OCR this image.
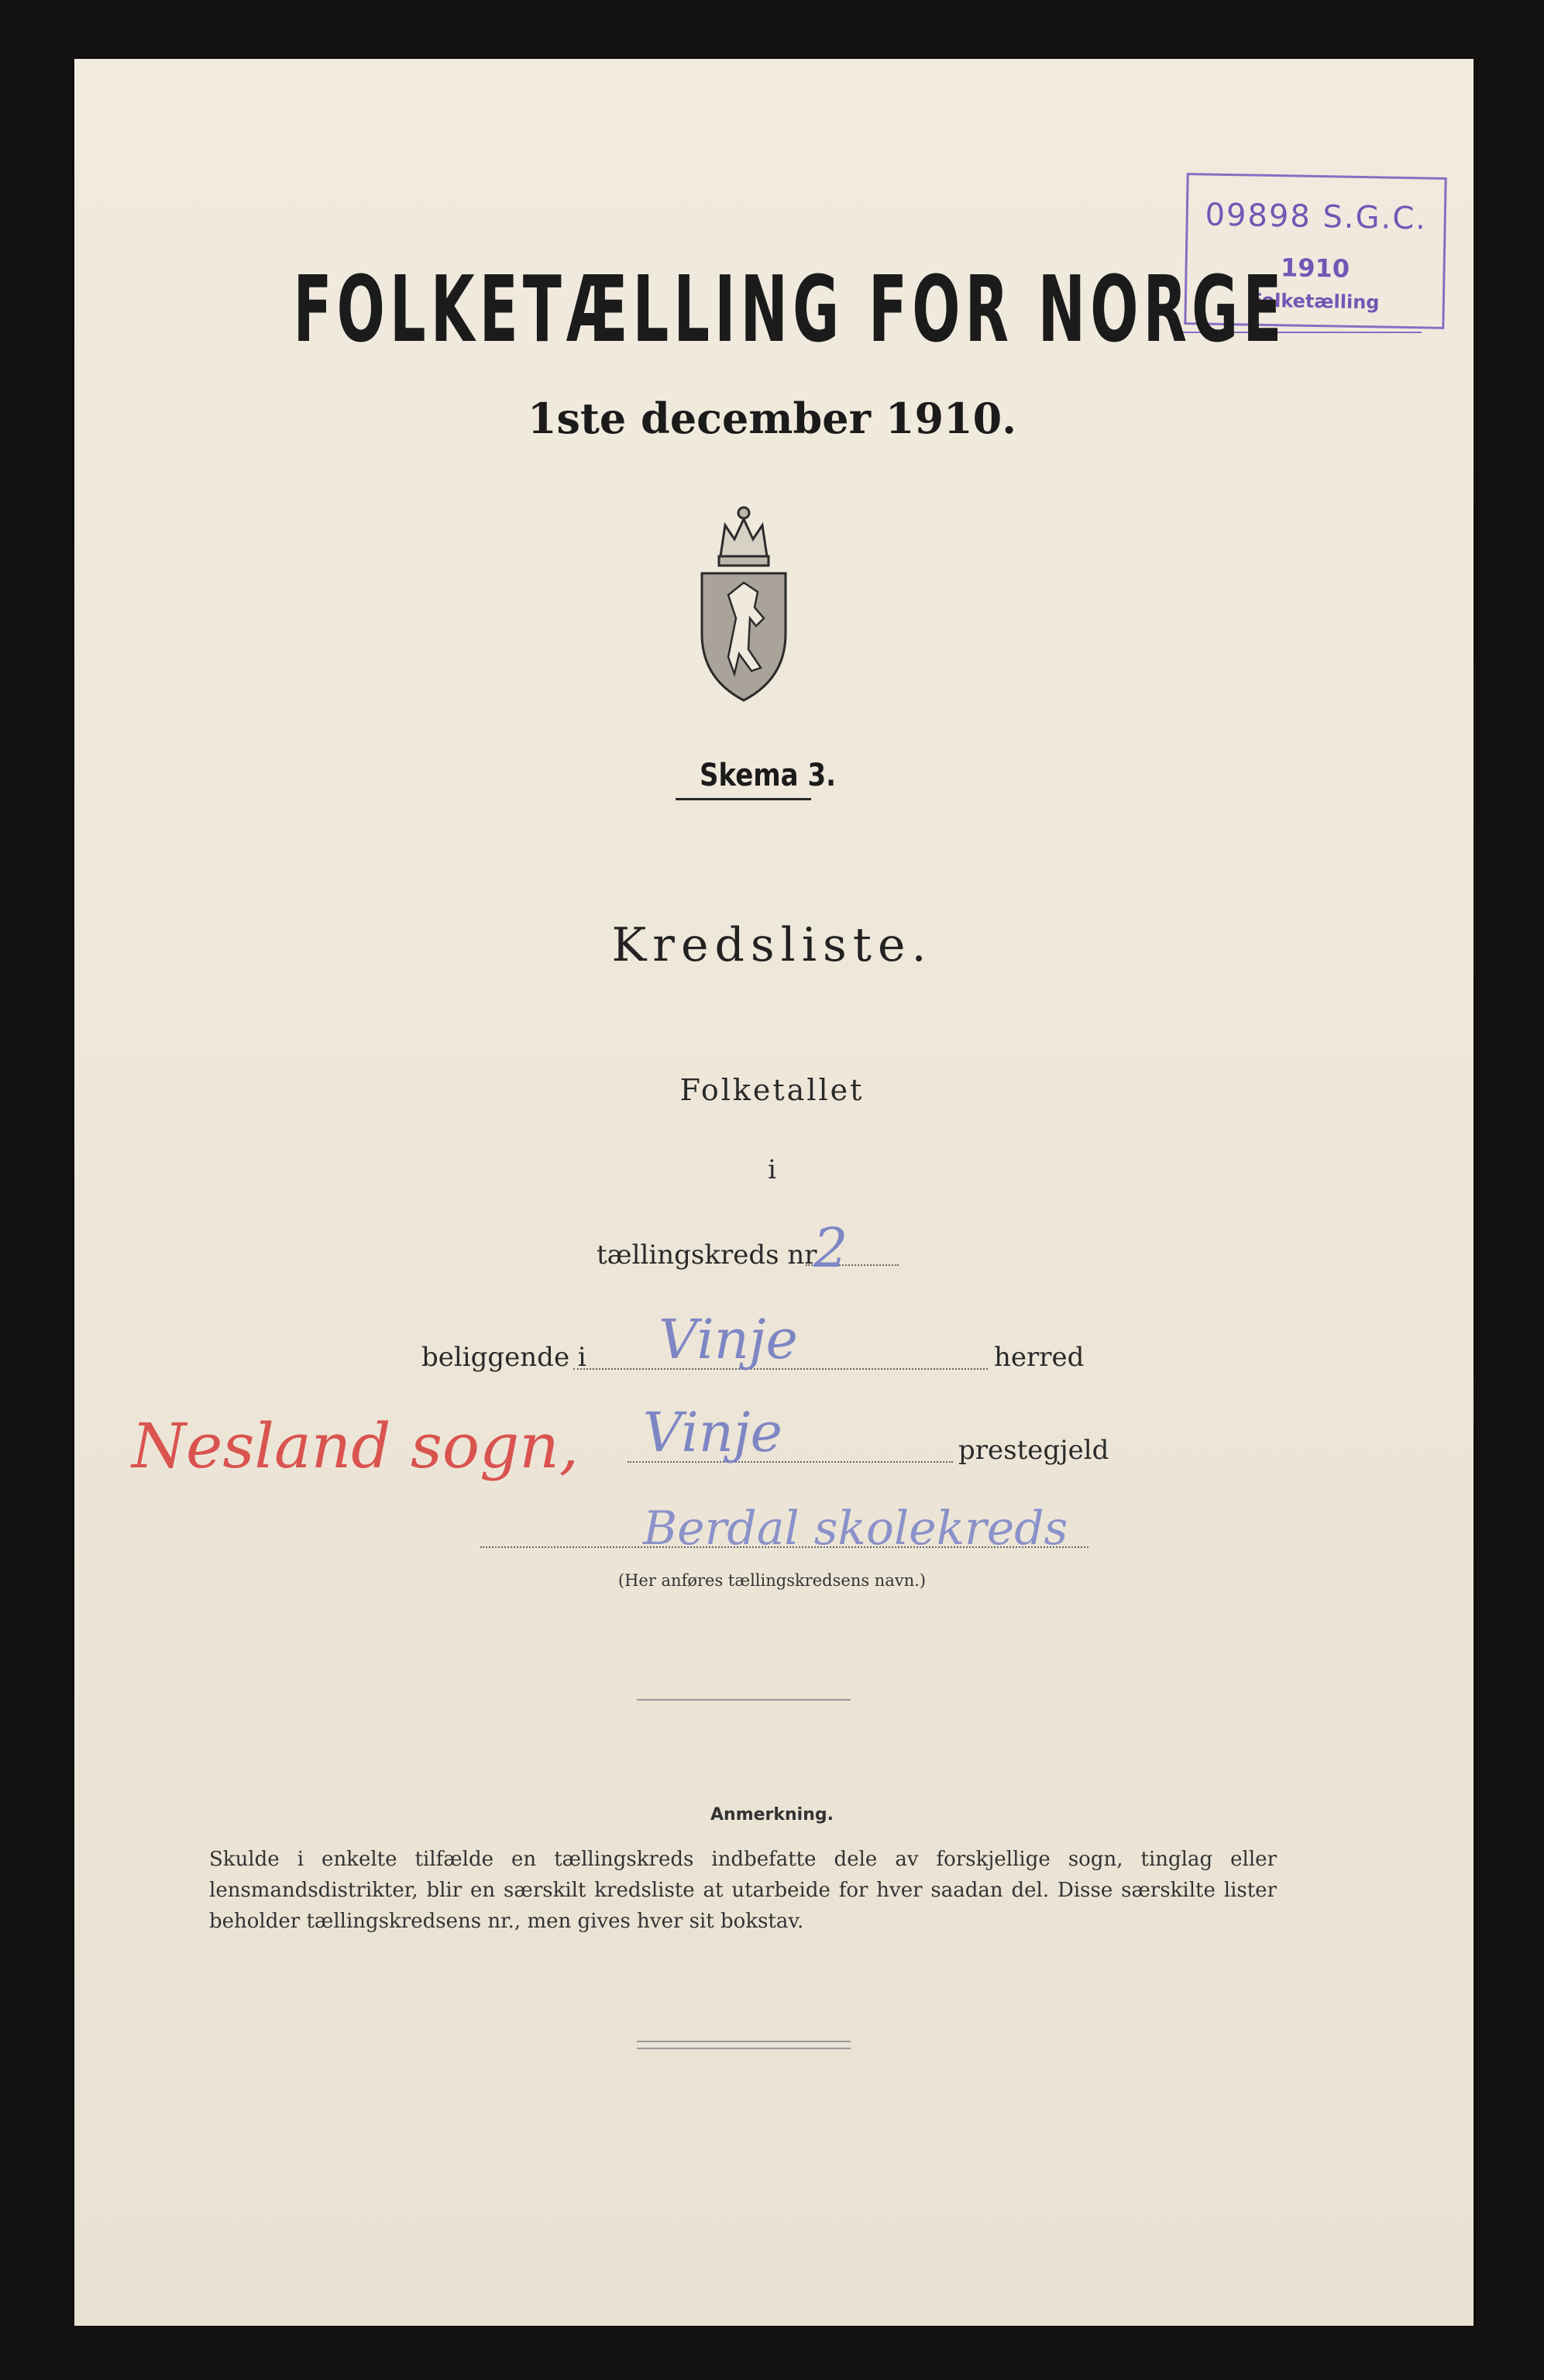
09898 S.G.C.
1910
Folketælling
FOLKETÆLLING FOR NORGE
1ste december 1910.
Skema 3.
Kredsliste.
Folketallet
i
tællingskreds nr.
2
beliggende i Vinje	herred
Nesland sogn, Vinje	prestegjeld
Berdal skolekreds
(Her anføres tællingskredsens navn.)
Anmerkning.
Skulde i enkelte tilfælde en tællingskreds indbefatte dele av forskjellige sogn, tinglag eller lensmandsdistrikter, blir en særskilt kredsliste at utarbeide for hver saadan del. Disse særskilte lister beholder tællingskredsens nr., men gives hver sit bokstav.
